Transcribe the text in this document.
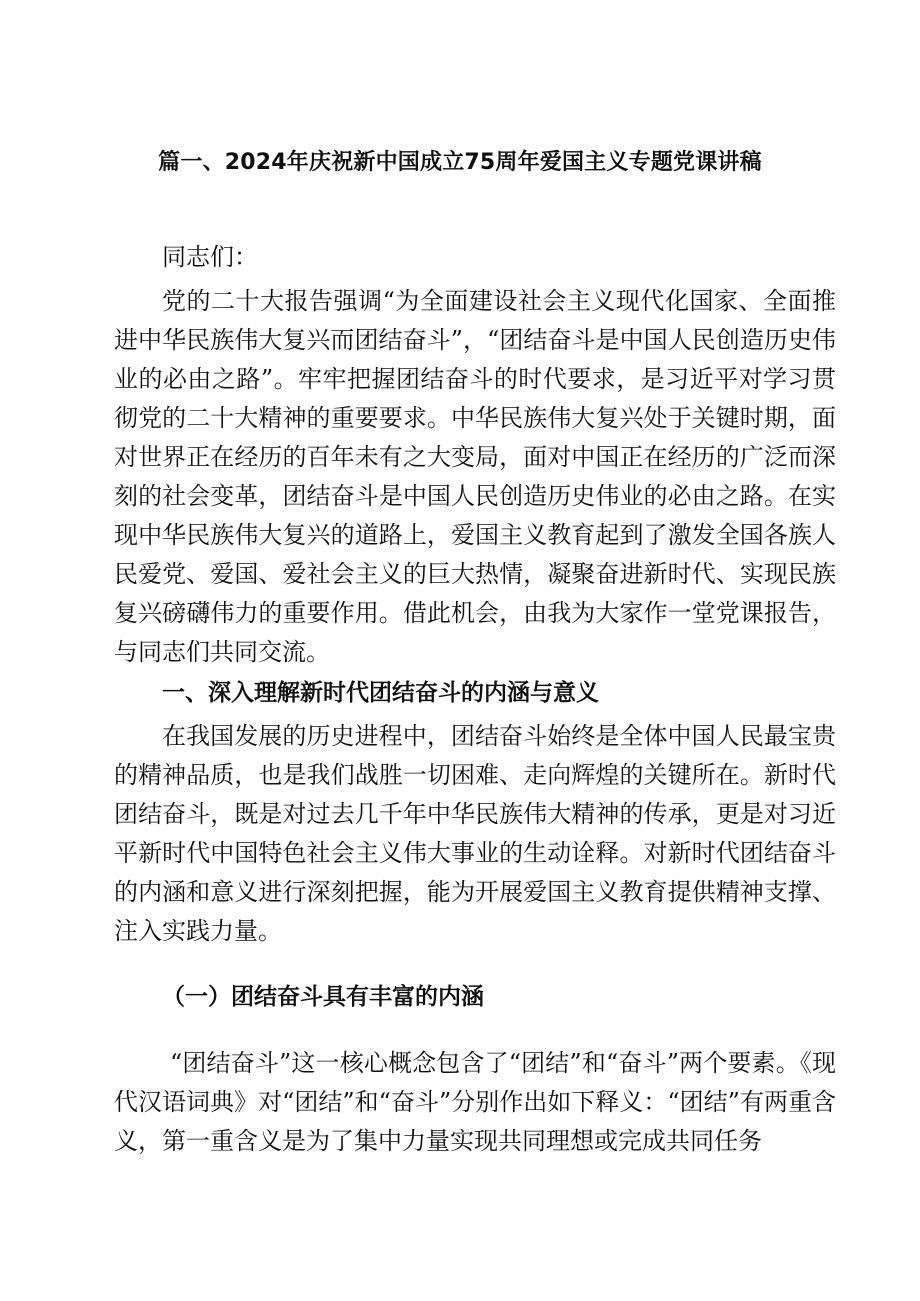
篇一、2024年庆祝新中国成立75周年爱国主义专题党课讲稿

同志们：

党的二十大报告强调“为全面建设社会主义现代化国家、全面推进中华民族伟大复兴而团结奋斗”，“团结奋斗是中国人民创造历史伟业的必由之路”。牢牢把握团结奋斗的时代要求，是习近平对学习贯彻党的二十大精神的重要要求。中华民族伟大复兴处于关键时期，面对世界正在经历的百年未有之大变局，面对中国正在经历的广泛而深刻的社会变革，团结奋斗是中国人民创造历史伟业的必由之路。在实现中华民族伟大复兴的道路上，爱国主义教育起到了激发全国各族人民爱党、爱国、爱社会主义的巨大热情，凝聚奋进新时代、实现民族复兴磅礴伟力的重要作用。借此机会，由我为大家作一堂党课报告，与同志们共同交流。

一、深入理解新时代团结奋斗的内涵与意义

在我国发展的历史进程中，团结奋斗始终是全体中国人民最宝贵的精神品质，也是我们战胜一切困难、走向辉煌的关键所在。新时代团结奋斗，既是对过去几千年中华民族伟大精神的传承，更是对习近平新时代中国特色社会主义伟大事业的生动诠释。对新时代团结奋斗的内涵和意义进行深刻把握，能为开展爱国主义教育提供精神支撑、注入实践力量。

（一）团结奋斗具有丰富的内涵

“团结奋斗”这一核心概念包含了“团结”和“奋斗”两个要素。《现代汉语词典》对“团结”和“奋斗”分别作出如下释义：“团结”有两重含义，第一重含义是为了集中力量实现共同理想或完成共同任务
